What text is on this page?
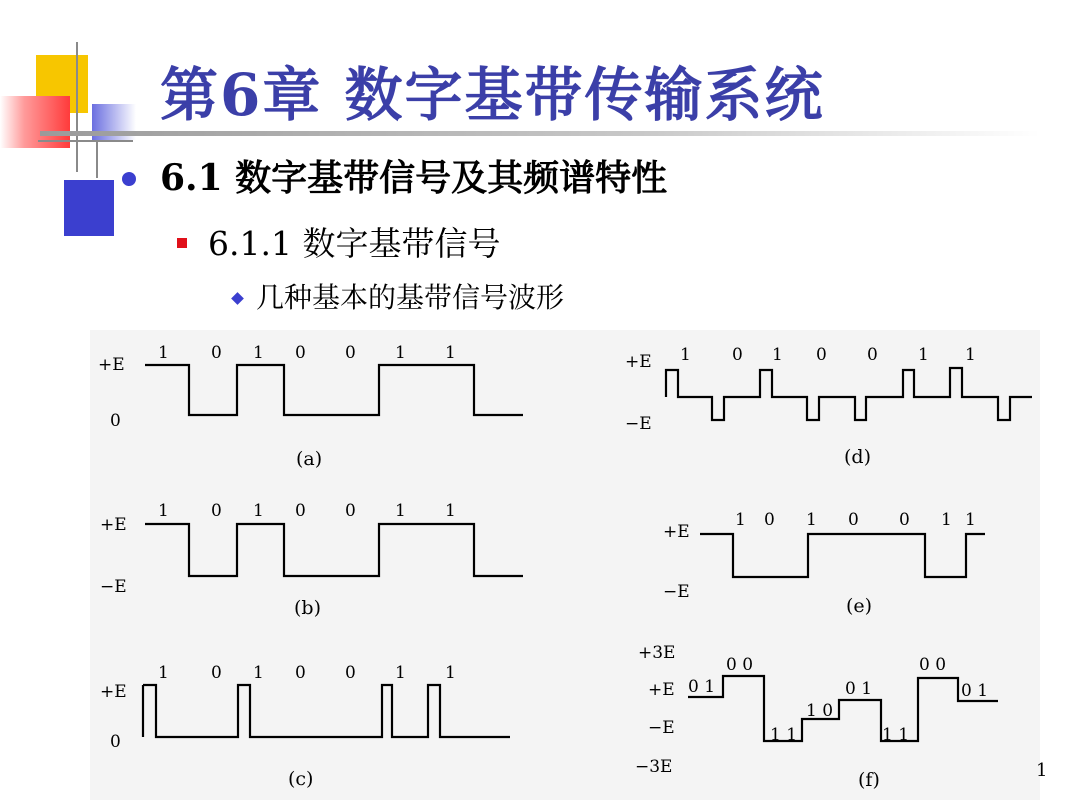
第6章 数字基带传输系统
6.1 数字基带信号及其频谱特性
6.1.1 数字基带信号
几种基本的基带信号波形
+E
0
1 0 1 0 0 1 1
(a)
+E
−E
1 0 1 0 0 1 1
(b)
+E
0
1 0 1 0 0 1 1
(c)
+E
−E
1 0 1 0 0 1 1
(d)
+E
−E
1 0 1 0 0 1 1
(e)
+3E
+E
−E
−3E
0 1
0 0
1 1
1 0
0 1
1 1
0 0
0 1
(f)	1
